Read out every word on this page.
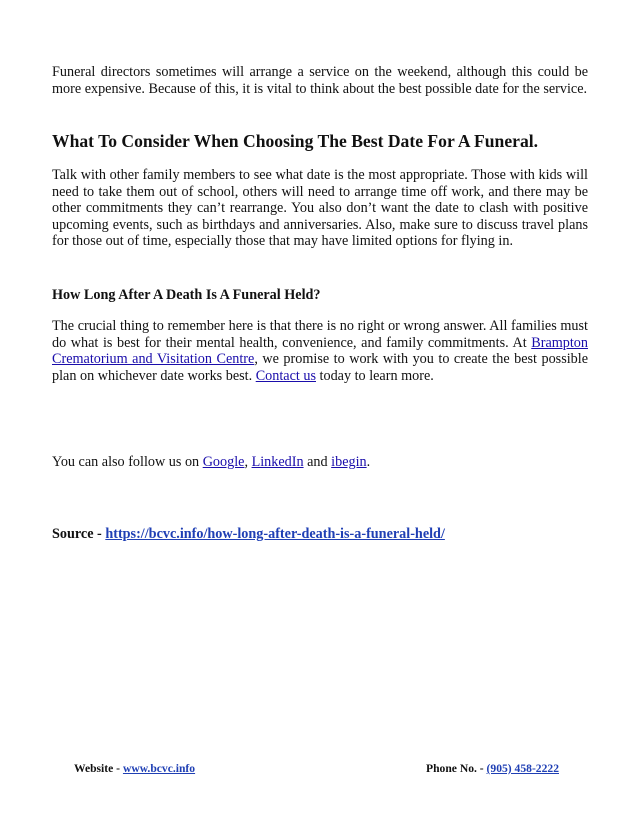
Funeral directors sometimes will arrange a service on the weekend, although this could be more expensive. Because of this, it is vital to think about the best possible date for the service.

What To Consider When Choosing The Best Date For A Funeral.

Talk with other family members to see what date is the most appropriate. Those with kids will need to take them out of school, others will need to arrange time off work, and there may be other commitments they can’t rearrange. You also don’t want the date to clash with positive upcoming events, such as birthdays and anniversaries. Also, make sure to discuss travel plans for those out of time, especially those that may have limited options for flying in.

How Long After A Death Is A Funeral Held?

The crucial thing to remember here is that there is no right or wrong answer. All families must do what is best for their mental health, convenience, and family commitments. At Brampton Crematorium and Visitation Centre, we promise to work with you to create the best possible plan on whichever date works best. Contact us today to learn more.

You can also follow us on Google, LinkedIn and ibegin.

Source - https://bcvc.info/how-long-after-death-is-a-funeral-held/

Website - www.bcvc.info	Phone No. - (905) 458-2222
